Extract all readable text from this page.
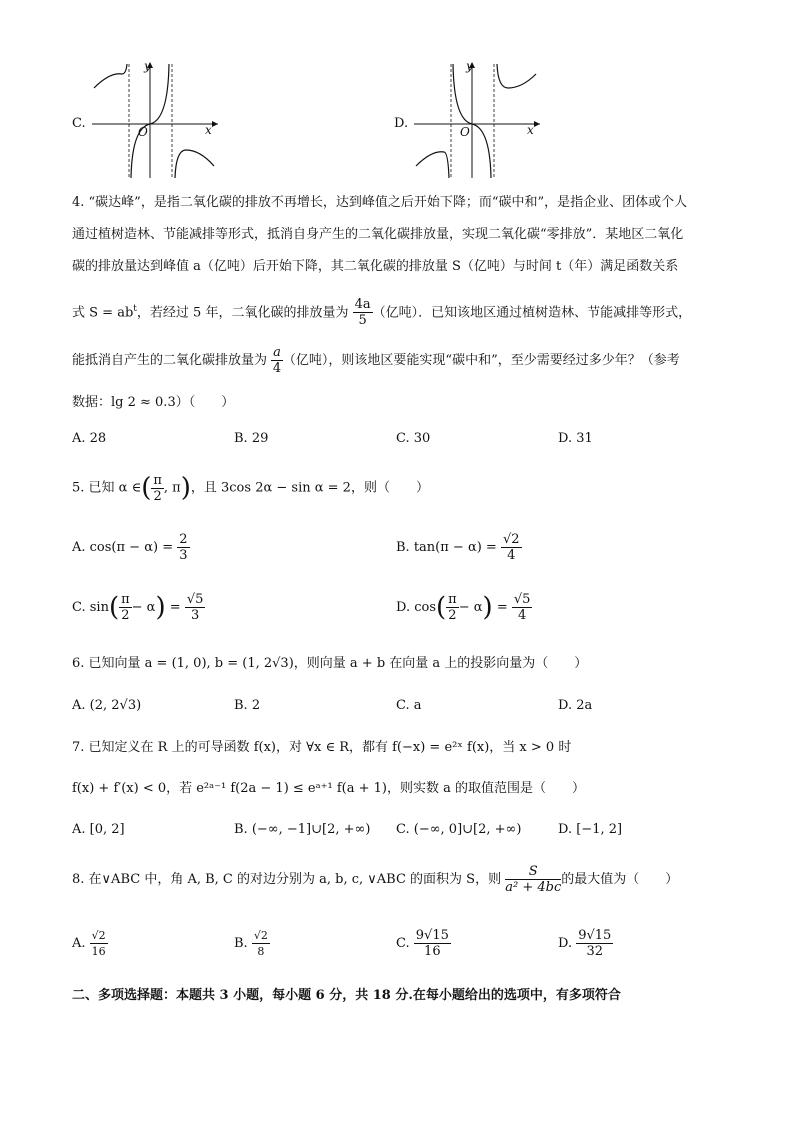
C.
y
x
O
D.
y
x
O
4. “碳达峰”，是指二氧化碳的排放不再增长，达到峰值之后开始下降；而“碳中和”，是指企业、团体或个人
通过植树造林、节能减排等形式，抵消自身产生的二氧化碳排放量，实现二氧化碳“零排放”．某地区二氧化
碳的排放量达到峰值 a（亿吨）后开始下降，其二氧化碳的排放量 S（亿吨）与时间 t（年）满足函数关系
式 $S = ab^t$，若经过 5 年，二氧化碳的排放量为 $\frac{4a}{5}$ （亿吨）．已知该地区通过植树造林、节能减排等形式，
能抵消自产生的二氧化碳排放量为 $\frac{a}{4}$ （亿吨），则该地区要能实现“碳中和”，至少需要经过多少年？（参考
数据：lg 2 ≈ 0.3）（　　）
A. 28	B. 29	C. 30	D. 31
5. 已知 α ∈( $\frac{\pi}{2}$ , π)，且 3cos 2α − sin α = 2，则（　　）
A. $\cos(\pi - \alpha) = \frac{2}{3}$	B. $\tan(\pi - \alpha) = \frac{√2}{4}$
C. $\sin( \frac{\pi}{2} - \alpha) = \frac{√5}{3}$	D. $\cos( \frac{\pi}{2} - \alpha) = \frac{√5}{4}$
6. 已知向量 a = (1, 0), b = (1, 2√3)，则向量 a + b 在向量 a 上的投影向量为（　　）
A. (2, 2√3)	B. 2	C. a	D. 2a
7. 已知定义在 R 上的可导函数 f(x)，对 ∀x ∈ R，都有 f(−x) = e²ˣ f(x)，当 x > 0 时
f(x) + f′(x) < 0，若 e²ᵃ⁻¹ f(2a − 1) ≤ eᵃ⁺¹ f(a + 1)，则实数 a 的取值范围是（　　）
A. [0, 2]	B. (−∞, −1]∪[2, +∞) C. (−∞, 0]∪[2, +∞)	D. [−1, 2]
8. 在∨ABC 中，角 A, B, C 的对边分别为 a, b, c, ∨ABC 的面积为 S，则 $\frac{S}{\text{a² + 4bc}}$ 的最大值为（　　）
A. $\frac{√2}{16}$	B. $\frac{√2}{8}$	C. $\frac{9√15}{16}$	D. $\frac{9√15}{32}$
二、多项选择题：本题共 3 小题，每小题 6 分，共 18 分.在每小题给出的选项中，有多项符合
